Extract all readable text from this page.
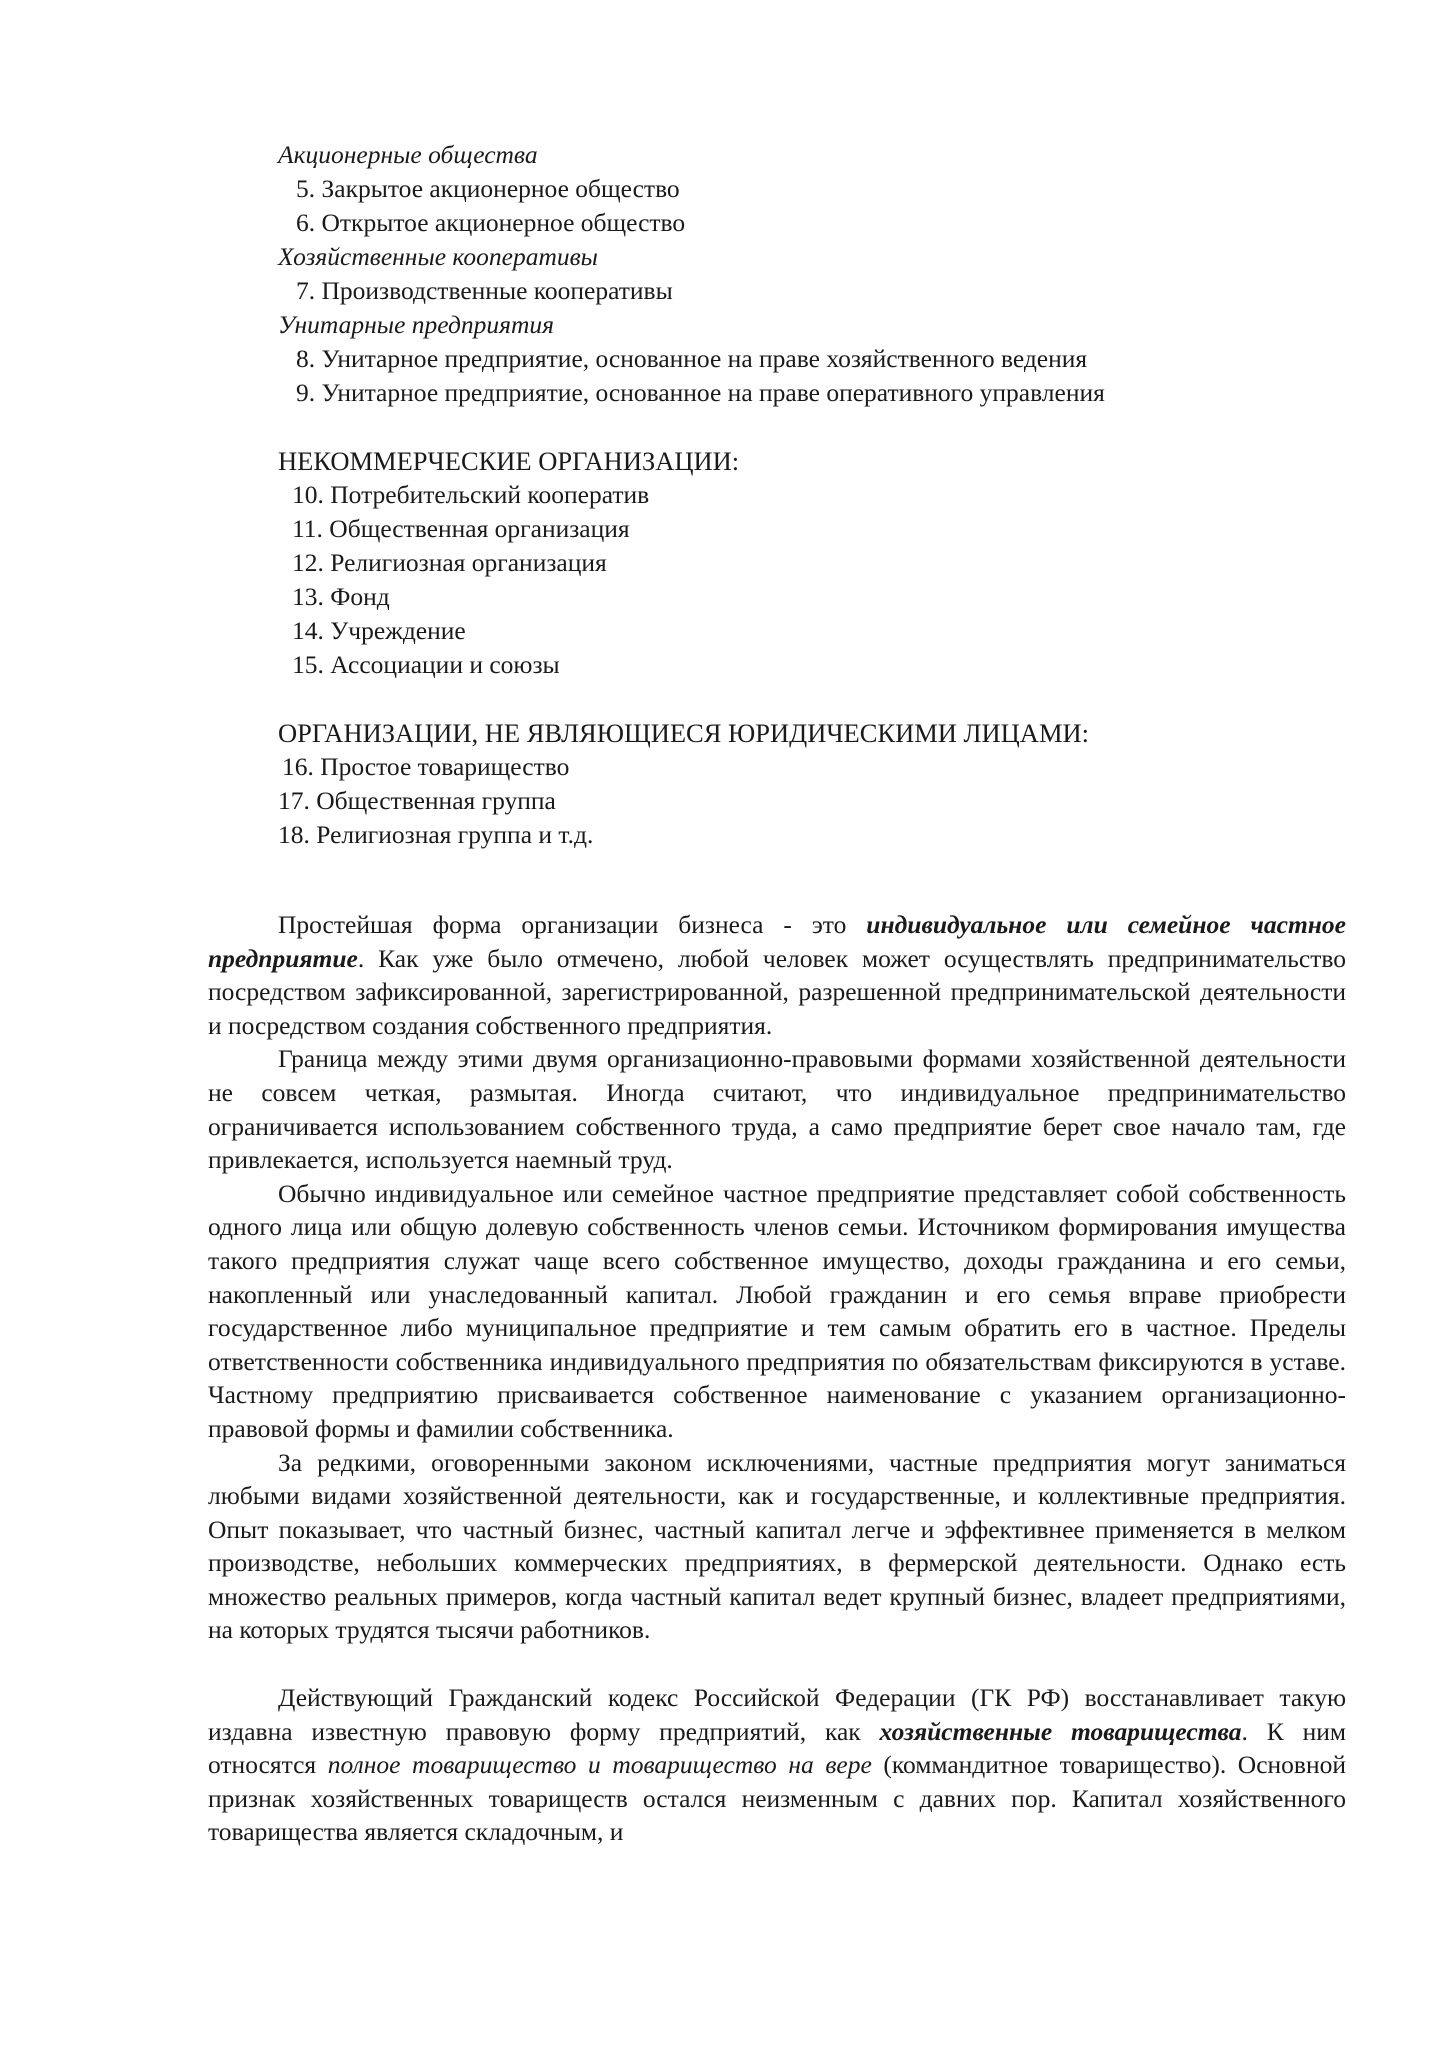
Акционерные общества

5. Закрытое акционерное общество

6. Открытое акционерное общество

Хозяйственные кооперативы

7. Производственные кооперативы

Унитарные предприятия

8. Унитарное предприятие, основанное на праве хозяйственного ведения

9. Унитарное предприятие, основанное на праве оперативного управления

НЕКОММЕРЧЕСКИЕ ОРГАНИЗАЦИИ:

10. Потребительский кооператив

11. Общественная организация

12. Религиозная организация

13. Фонд

14. Учреждение

15. Ассоциации и союзы

ОРГАНИЗАЦИИ, НЕ ЯВЛЯЮЩИЕСЯ ЮРИДИЧЕСКИМИ ЛИЦАМИ:

16. Простое товарищество

17. Общественная группа

18. Религиозная группа и т.д.

Простейшая форма организации бизнеса - это индивидуальное или семейное частное предприятие. Как уже было отмечено, любой человек может осуществлять предпринимательство посредством зафиксированной, зарегистрированной, разрешенной предпринимательской деятельности и посредством создания собственного предприятия.

Граница между этими двумя организационно-правовыми формами хозяйственной деятельности не совсем четкая, размытая. Иногда считают, что индивидуальное предпринимательство ограничивается использованием собственного труда, а само предприятие берет свое начало там, где привлекается, используется наемный труд.

Обычно индивидуальное или семейное частное предприятие представляет собой собственность одного лица или общую долевую собственность членов семьи. Источником формирования имущества такого предприятия служат чаще всего собственное имущество, доходы гражданина и его семьи, накопленный или унаследованный капитал. Любой гражданин и его семья вправе приобрести государственное либо муниципальное предприятие и тем самым обратить его в частное. Пределы ответственности собственника индивидуального предприятия по обязательствам фиксируются в уставе. Частному предприятию присваивается собственное наименование с указанием организационно-правовой формы и фамилии собственника.

За редкими, оговоренными законом исключениями, частные предприятия могут заниматься любыми видами хозяйственной деятельности, как и государственные, и коллективные предприятия. Опыт показывает, что частный бизнес, частный капитал легче и эффективнее применяется в мелком производстве, небольших коммерческих предприятиях, в фермерской деятельности. Однако есть множество реальных примеров, когда частный капитал ведет крупный бизнес, владеет предприятиями, на которых трудятся тысячи работников.

Действующий Гражданский кодекс Российской Федерации (ГК РФ) восстанавливает такую издавна известную правовую форму предприятий, как хозяйственные товарищества. К ним относятся полное товарищество и товарищество на вере (коммандитное товарищество). Основной признак хозяйственных товариществ остался неизменным с давних пор. Капитал хозяйственного товарищества является складочным, и
